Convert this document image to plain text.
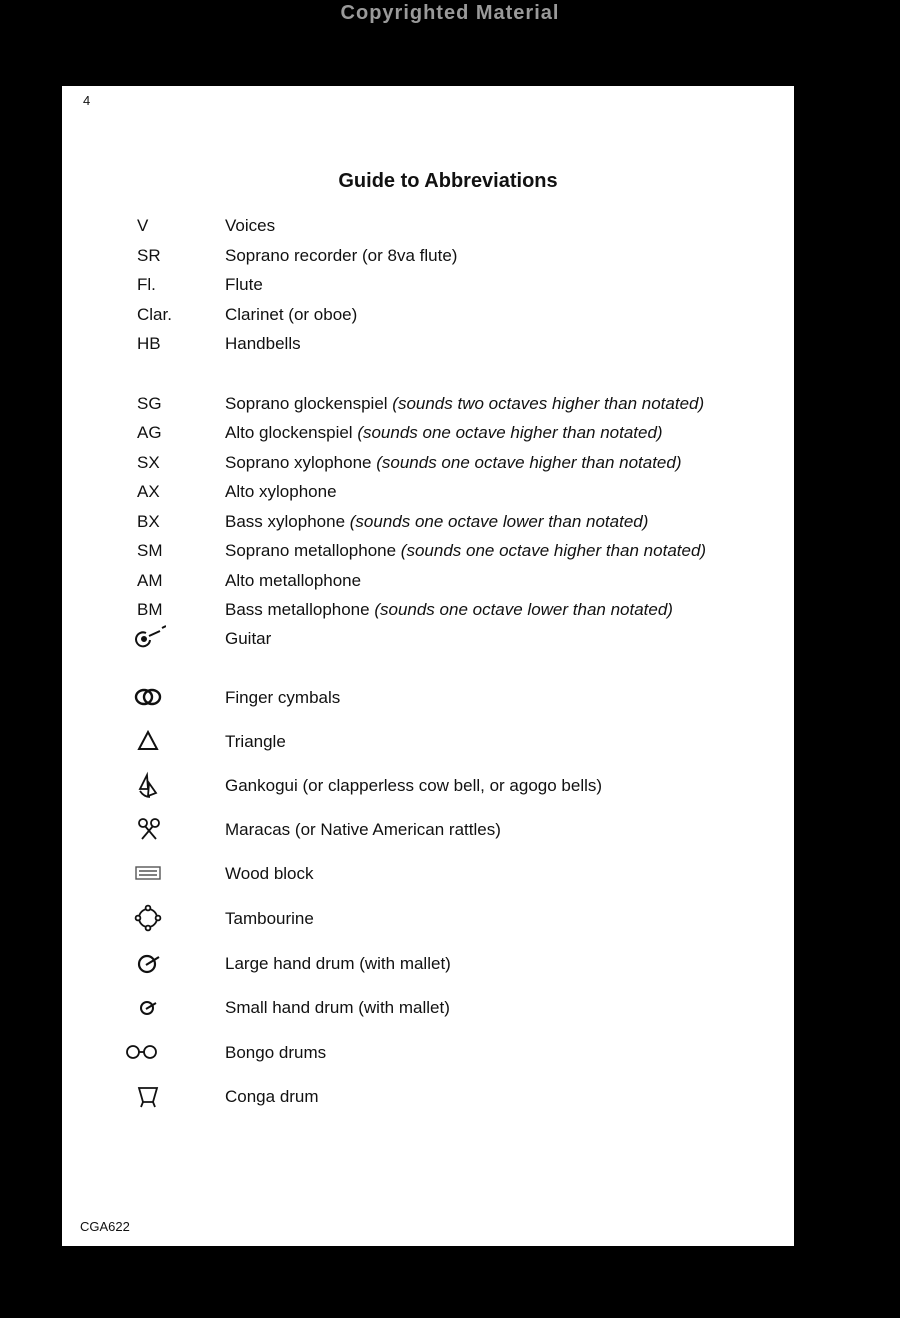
Copyrighted Material
4
Guide to Abbreviations
V	Voices
SR	Soprano recorder (or 8va flute)
Fl.	Flute
Clar.	Clarinet (or oboe)
HB	Handbells
SG	Soprano glockenspiel (sounds two octaves higher than notated)
AG	Alto glockenspiel (sounds one octave higher than notated)
SX	Soprano xylophone (sounds one octave higher than notated)
AX	Alto xylophone
BX	Bass xylophone (sounds one octave lower than notated)
SM	Soprano metallophone (sounds one octave higher than notated)
AM	Alto metallophone
BM	Bass metallophone (sounds one octave lower than notated)
Guitar
Finger cymbals
Triangle
Gankogui (or clapperless cow bell, or agogo bells)
Maracas (or Native American rattles)
Wood block
Tambourine
Large hand drum (with mallet)
Small hand drum (with mallet)
Bongo drums
Conga drum
CGA622
